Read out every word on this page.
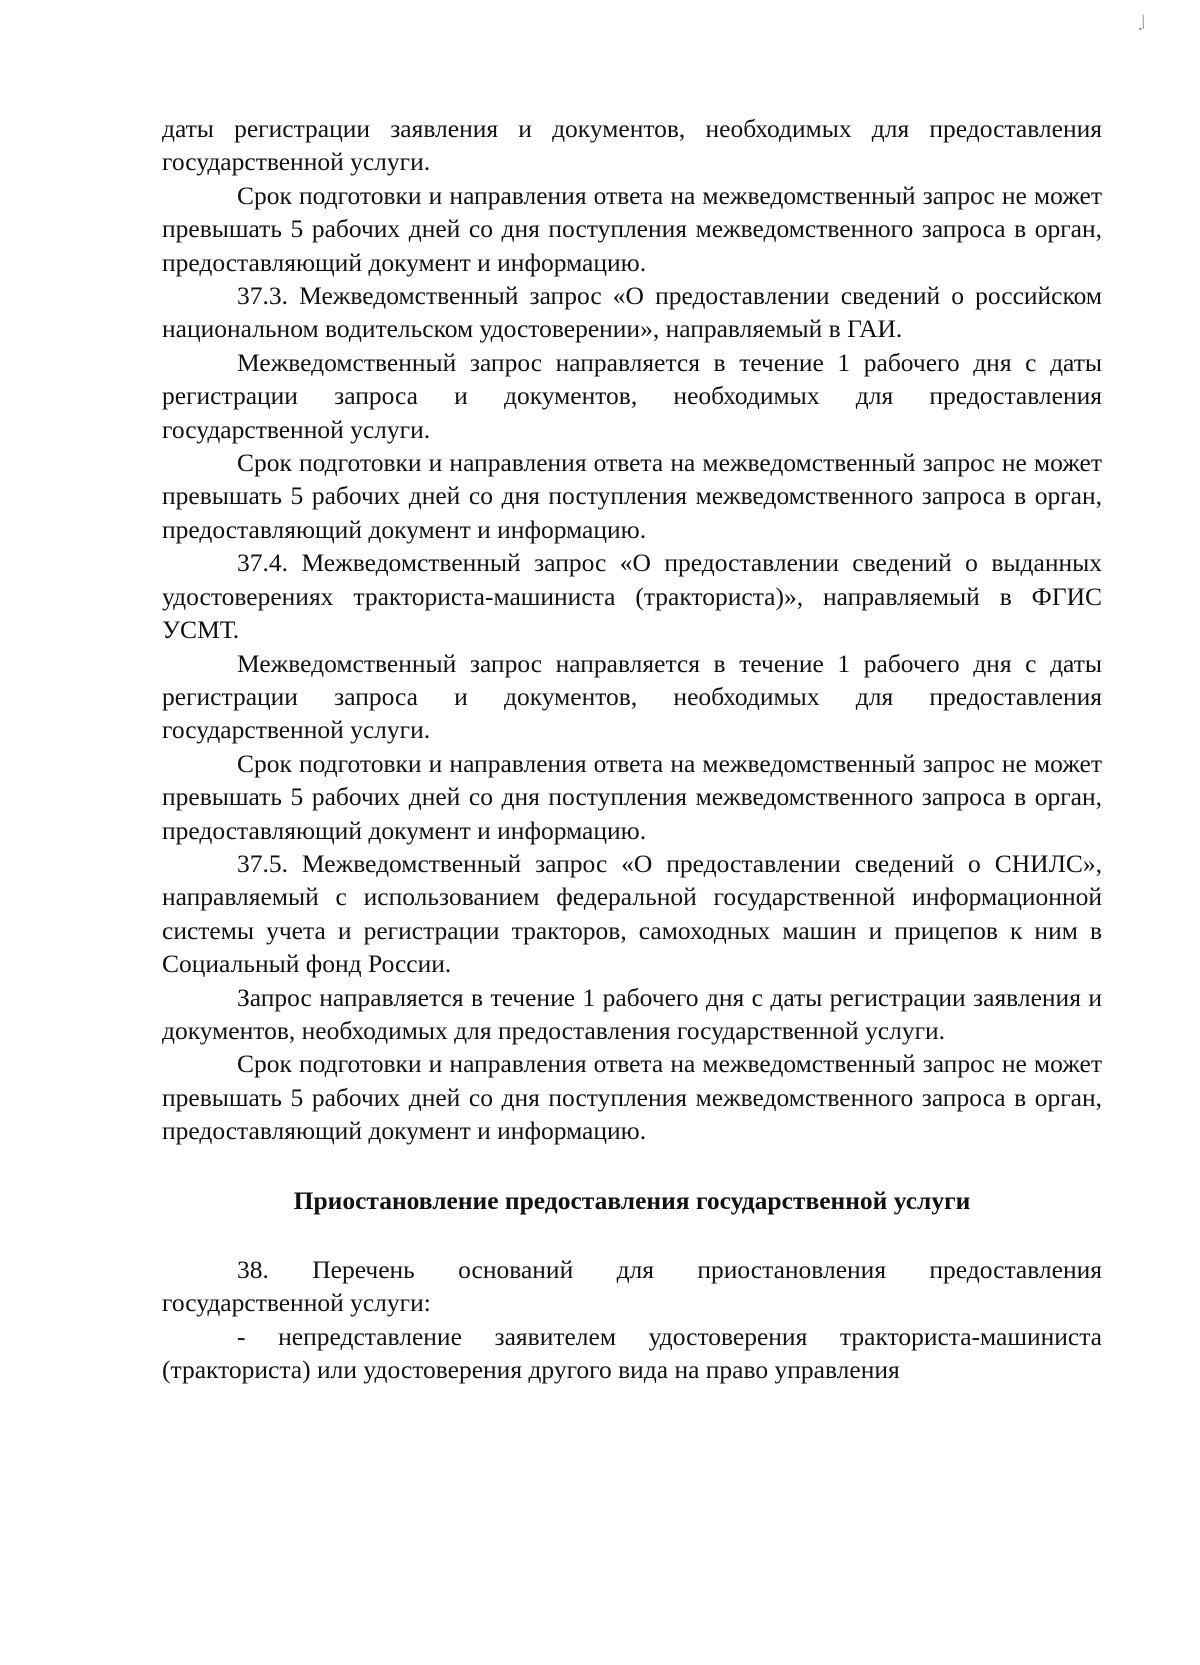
./

даты регистрации заявления и документов, необходимых для предоставления государственной услуги.

Срок подготовки и направления ответа на межведомственный запрос не может превышать 5 рабочих дней со дня поступления межведомственного запроса в орган, предоставляющий документ и информацию.

37.3. Межведомственный запрос «О предоставлении сведений о российском национальном водительском удостоверении», направляемый в ГАИ.

Межведомственный запрос направляется в течение 1 рабочего дня с даты регистрации запроса и документов, необходимых для предоставления государственной услуги.

Срок подготовки и направления ответа на межведомственный запрос не может превышать 5 рабочих дней со дня поступления межведомственного запроса в орган, предоставляющий документ и информацию.

37.4. Межведомственный запрос «О предоставлении сведений о выданных удостоверениях тракториста-машиниста (тракториста)», направляемый в ФГИС УСМТ.

Межведомственный запрос направляется в течение 1 рабочего дня с даты регистрации запроса и документов, необходимых для предоставления государственной услуги.

Срок подготовки и направления ответа на межведомственный запрос не может превышать 5 рабочих дней со дня поступления межведомственного запроса в орган, предоставляющий документ и информацию.

37.5. Межведомственный запрос «О предоставлении сведений о СНИЛС», направляемый с использованием федеральной государственной информационной системы учета и регистрации тракторов, самоходных машин и прицепов к ним в Социальный фонд России.

Запрос направляется в течение 1 рабочего дня с даты регистрации заявления и документов, необходимых для предоставления государственной услуги.

Срок подготовки и направления ответа на межведомственный запрос не может превышать 5 рабочих дней со дня поступления межведомственного запроса в орган, предоставляющий документ и информацию.

Приостановление предоставления государственной услуги

38. Перечень оснований для приостановления предоставления государственной услуги:

- непредставление заявителем удостоверения тракториста-машиниста (тракториста) или удостоверения другого вида на право управления
